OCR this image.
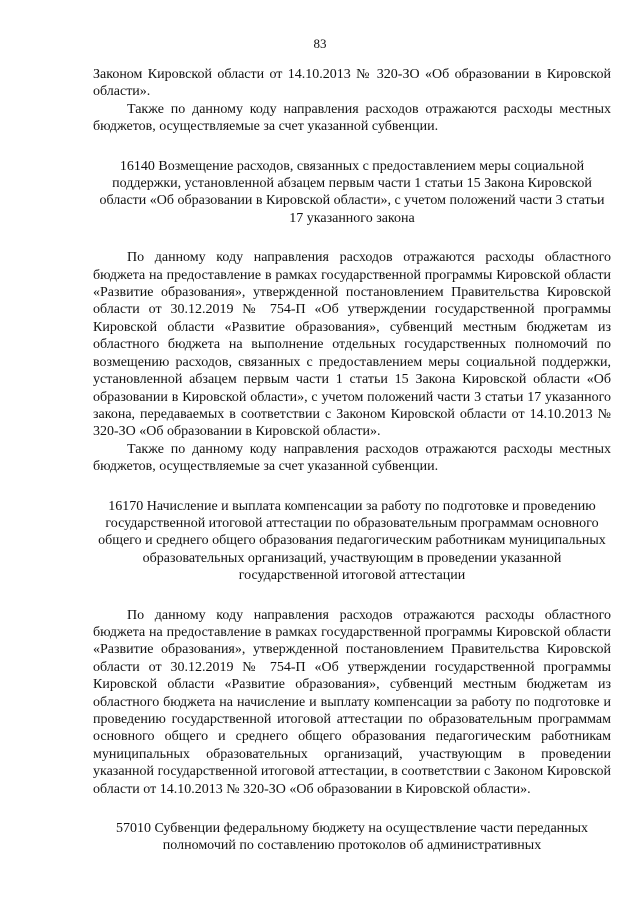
83

Законом Кировской области от 14.10.2013 № 320-ЗО «Об образовании в Кировской области».

Также по данному коду направления расходов отражаются расходы местных бюджетов, осуществляемые за счет указанной субвенции.

16140 Возмещение расходов, связанных с предоставлением меры социальной поддержки, установленной абзацем первым части 1 статьи 15 Закона Кировской области «Об образовании в Кировской области», с учетом положений части 3 статьи 17 указанного закона

По данному коду направления расходов отражаются расходы областного бюджета на предоставление в рамках государственной программы Кировской области «Развитие образования», утвержденной постановлением Правительства Кировской области от 30.12.2019 № 754-П «Об утверждении государственной программы Кировской области «Развитие образования», субвенций местным бюджетам из областного бюджета на выполнение отдельных государственных полномочий по возмещению расходов, связанных с предоставлением меры социальной поддержки, установленной абзацем первым части 1 статьи 15 Закона Кировской области «Об образовании в Кировской области», с учетом положений части 3 статьи 17 указанного закона, передаваемых в соответствии с Законом Кировской области от 14.10.2013 № 320-ЗО «Об образовании в Кировской области».

Также по данному коду направления расходов отражаются расходы местных бюджетов, осуществляемые за счет указанной субвенции.

16170 Начисление и выплата компенсации за работу по подготовке и проведению государственной итоговой аттестации по образовательным программам основного общего и среднего общего образования педагогическим работникам муниципальных образовательных организаций, участвующим в проведении указанной государственной итоговой аттестации

По данному коду направления расходов отражаются расходы областного бюджета на предоставление в рамках государственной программы Кировской области «Развитие образования», утвержденной постановлением Правительства Кировской области от 30.12.2019 № 754-П «Об утверждении государственной программы Кировской области «Развитие образования», субвенций местным бюджетам из областного бюджета на начисление и выплату компенсации за работу по подготовке и проведению государственной итоговой аттестации по образовательным программам основного общего и среднего общего образования педагогическим работникам муниципальных образовательных организаций, участвующим в проведении указанной государственной итоговой аттестации, в соответствии с Законом Кировской области от 14.10.2013 № 320-ЗО «Об образовании в Кировской области».

57010 Субвенции федеральному бюджету на осуществление части переданных полномочий по составлению протоколов об административных
